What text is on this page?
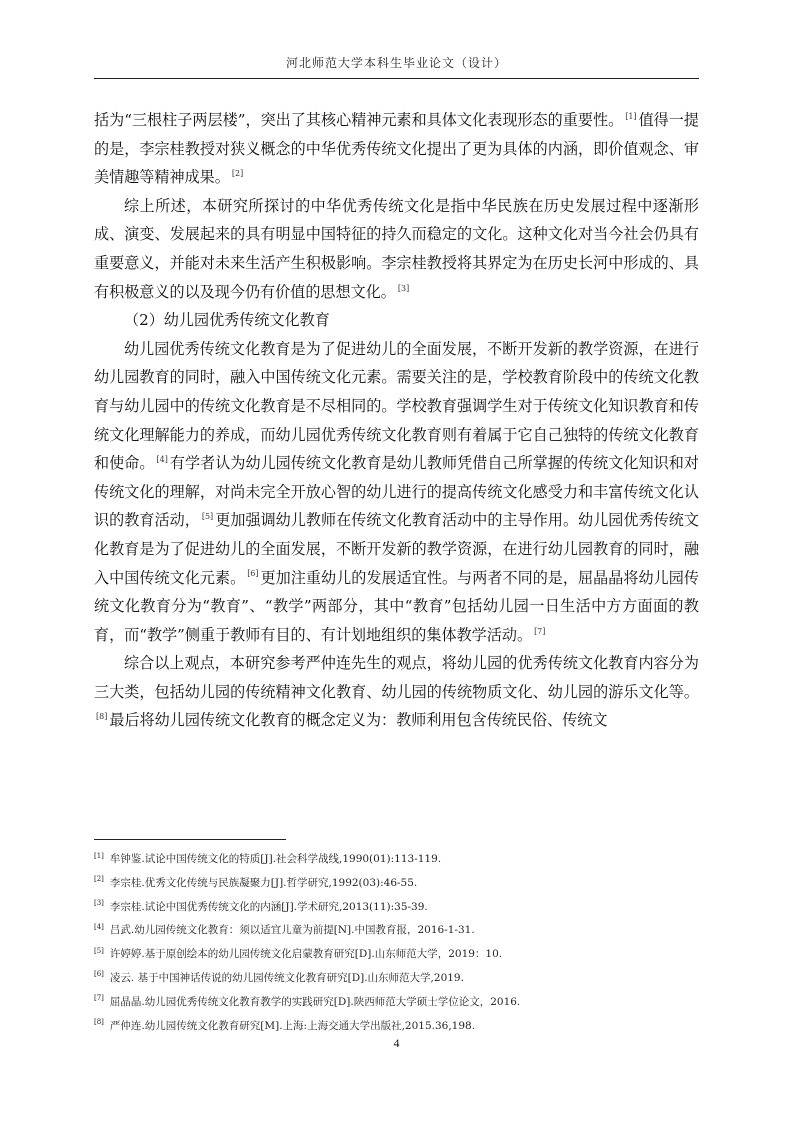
河北师范大学本科生毕业论文（设计）

括为“三根柱子两层楼”，突出了其核心精神元素和具体文化表现形态的重要性。 [1] 值得一提的是，李宗桂教授对狭义概念的中华优秀传统文化提出了更为具体的内涵，即价值观念、审美情趣等精神成果。 [2]

综上所述，本研究所探讨的中华优秀传统文化是指中华民族在历史发展过程中逐渐形成、演变、发展起来的具有明显中国特征的持久而稳定的文化。这种文化对当今社会仍具有重要意义，并能对未来生活产生积极影响。李宗桂教授将其界定为在历史长河中形成的、具有积极意义的以及现今仍有价值的思想文化。 [3]

（2）幼儿园优秀传统文化教育

幼儿园优秀传统文化教育是为了促进幼儿的全面发展，不断开发新的教学资源，在进行幼儿园教育的同时，融入中国传统文化元素。需要关注的是，学校教育阶段中的传统文化教育与幼儿园中的传统文化教育是不尽相同的。学校教育强调学生对于传统文化知识教育和传统文化理解能力的养成，而幼儿园优秀传统文化教育则有着属于它自己独特的传统文化教育和使命。 [4] 有学者认为幼儿园传统文化教育是幼儿教师凭借自己所掌握的传统文化知识和对传统文化的理解，对尚未完全开放心智的幼儿进行的提高传统文化感受力和丰富传统文化认识的教育活动， [5] 更加强调幼儿教师在传统文化教育活动中的主导作用。幼儿园优秀传统文化教育是为了促进幼儿的全面发展，不断开发新的教学资源，在进行幼儿园教育的同时，融入中国传统文化元素。 [6] 更加注重幼儿的发展适宜性。与两者不同的是，屈晶晶将幼儿园传统文化教育分为“教育”、“教学”两部分，其中“教育”包括幼儿园一日生活中方方面面的教育，而“教学”侧重于教师有目的、有计划地组织的集体教学活动。 [7]

综合以上观点，本研究参考严仲连先生的观点，将幼儿园的优秀传统文化教育内容分为三大类，包括幼儿园的传统精神文化教育、幼儿园的传统物质文化、幼儿园的游乐文化等。[8] 最后将幼儿园传统文化教育的概念定义为：教师利用包含传统民俗、传统文

[1] 牟钟鉴.试论中国传统文化的特质[J].社会科学战线,1990(01):113-119.
[2] 李宗桂.优秀文化传统与民族凝聚力[J].哲学研究,1992(03):46-55.
[3] 李宗桂.试论中国优秀传统文化的内涵[J].学术研究,2013(11):35-39.
[4] 吕武.幼儿园传统文化教育：须以适宜儿童为前提[N].中国教育报，2016-1-31.
[5] 许婷婷.基于原创绘本的幼儿园传统文化启蒙教育研究[D].山东师范大学，2019：10.
[6] 凌云. 基于中国神话传说的幼儿园传统文化教育研究[D].山东师范大学,2019.
[7] 屈晶晶.幼儿园优秀传统文化教育教学的实践研究[D].陕西师范大学硕士学位论文，2016.
[8] 严仲连.幼儿园传统文化教育研究[M].上海:上海交通大学出版社,2015.36,198.
4
